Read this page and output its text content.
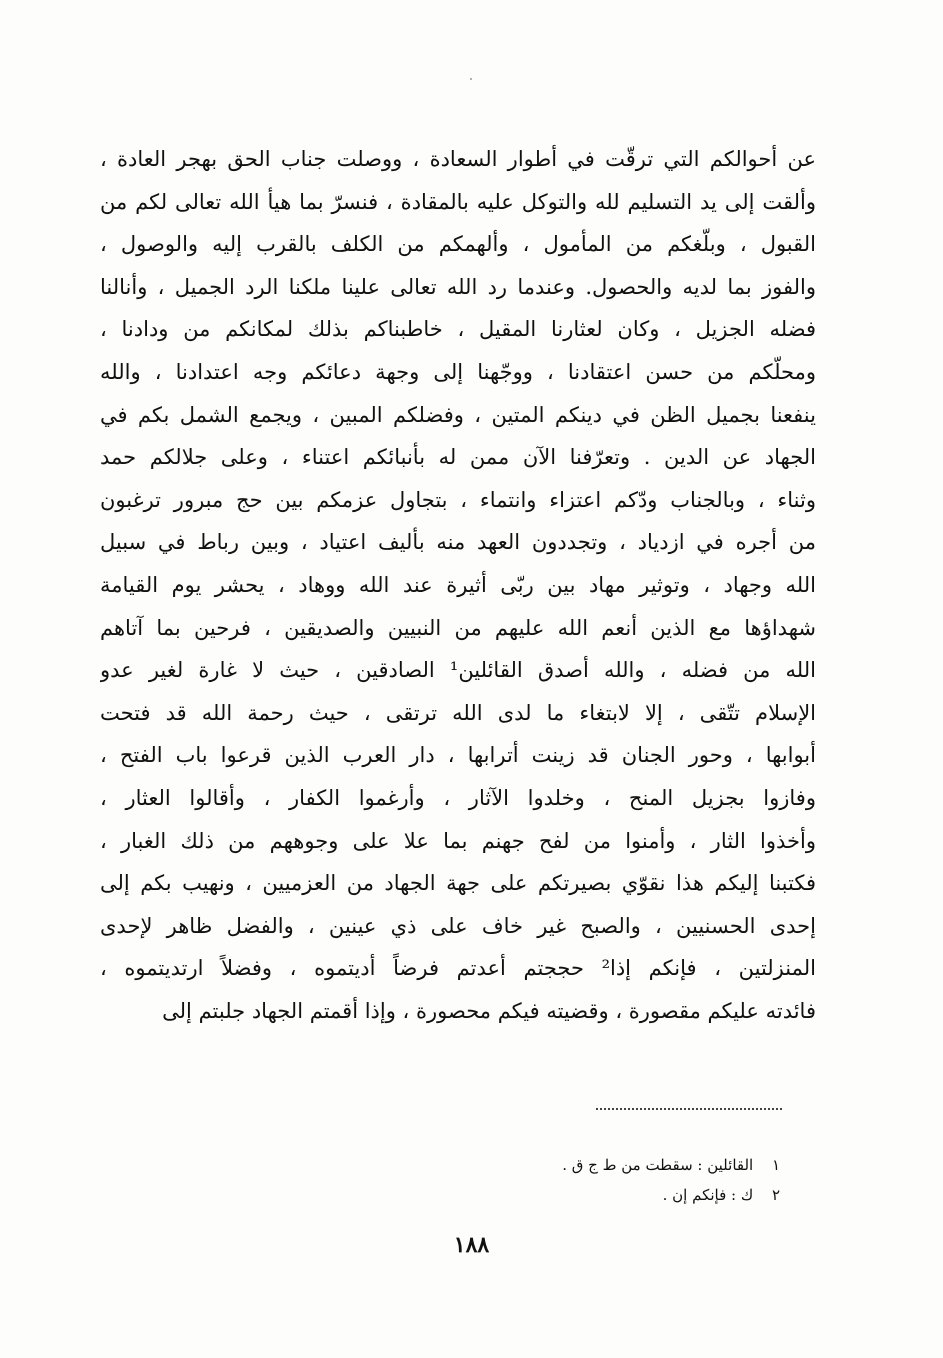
عن أحوالكم التي ترقّت في أطوار السعادة ، ووصلت جناب الحق بهجر العادة ،
وألقت إلى يد التسليم لله والتوكل عليه بالمقادة ، فنسرّ بما هيأ الله تعالى لكم من
القبول ، وبلّغكم من المأمول ، وألهمكم من الكلف بالقرب إليه والوصول ،
والفوز بما لديه والحصول. وعندما رد الله تعالى علينا ملكنا الرد الجميل ، وأنالنا
فضله الجزيل ، وكان لعثارنا المقيل ، خاطبناكم بذلك لمكانكم من ودادنا ،
ومحلّكم من حسن اعتقادنا ، ووجّهنا إلى وجهة دعائكم وجه اعتدادنا ، والله
ينفعنا بجميل الظن في دينكم المتين ، وفضلكم المبين ، ويجمع الشمل بكم في
الجهاد عن الدين . وتعرّفنا الآن ممن له بأنبائكم اعتناء ، وعلى جلالكم حمد
وثناء ، وبالجناب ودّكم اعتزاء وانتماء ، بتجاول عزمكم بين حج مبرور ترغبون
من أجره في ازدياد ، وتجددون العهد منه بأليف اعتياد ، وبين رباط في سبيل
الله وجهاد ، وتوثير مهاد بين ربّى أثيرة عند الله ووهاد ، يحشر يوم القيامة
شهداؤها مع الذين أنعم الله عليهم من النبيين والصديقين ، فرحين بما آتاهم
الله من فضله ، والله أصدق القائلين¹ الصادقين ، حيث لا غارة لغير عدو
الإسلام تتّقى ، إلا لابتغاء ما لدى الله ترتقى ، حيث رحمة الله قد فتحت
أبوابها ، وحور الجنان قد زينت أترابها ، دار العرب الذين قرعوا باب الفتح ،
وفازوا بجزيل المنح ، وخلدوا الآثار ، وأرغموا الكفار ، وأقالوا العثار ،
وأخذوا الثار ، وأمنوا من لفح جهنم بما علا على وجوههم من ذلك الغبار ،
فكتبنا إليكم هذا نقوّي بصيرتكم على جهة الجهاد من العزميين ، ونهيب بكم إلى
إحدى الحسنيين ، والصبح غير خاف على ذي عينين ، والفضل ظاهر لإحدى
المنزلتين ، فإنكم إذا² حججتم أعدتم فرضاً أديتموه ، وفضلاً ارتديتموه ،
فائدته عليكم مقصورة ، وقضيته فيكم محصورة ، وإذا أقمتم الجهاد جلبتم إلى
١ القائلين : سقطت من ط ج ق .
٢ ك : فإنكم إن .
١٨٨
